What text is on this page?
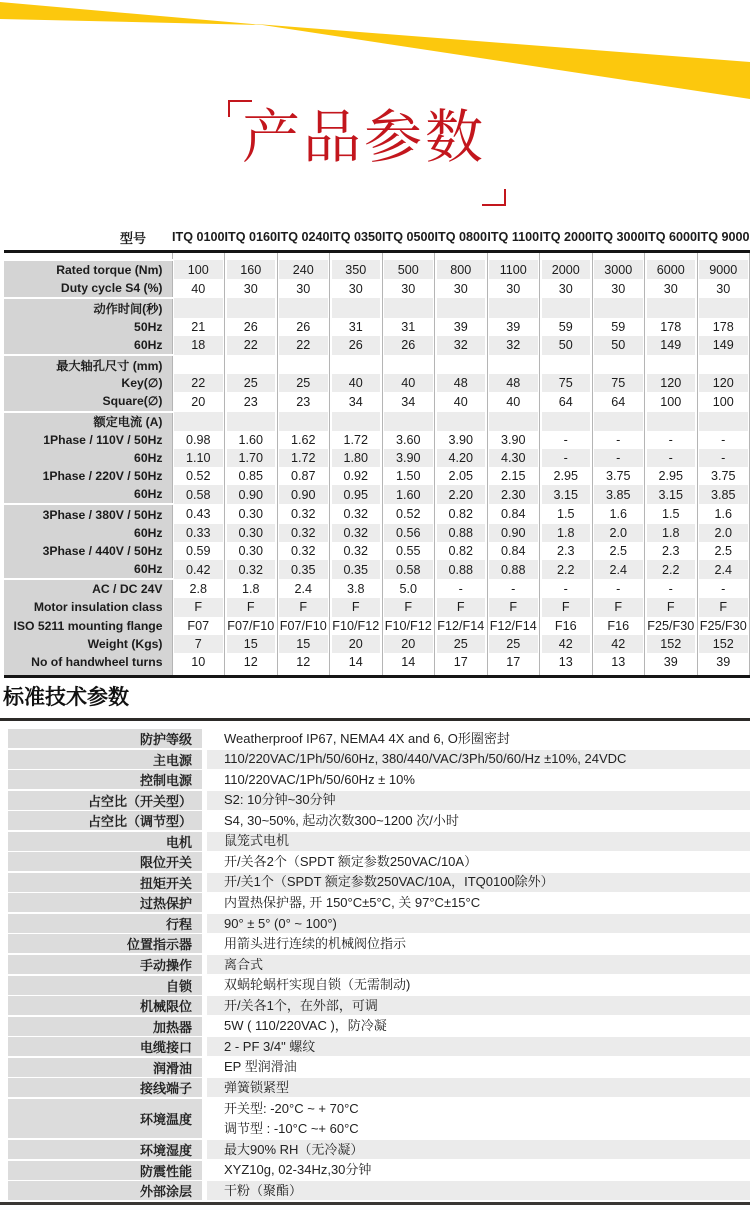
产品参数
型号	ITQ 0100	ITQ 0160	ITQ 0240	ITQ 0350	ITQ 0500	ITQ 0800	ITQ 1100	ITQ 2000	ITQ 3000	ITQ 6000	ITQ 9000

Rated torque (Nm)	100	160	240	350	500	800	1100	2000	3000	6000	9000
Duty cycle S4 (%)	40	30	30	30	30	30	30	30	30	30	30
动作时间(秒)											
50Hz	21	26	26	31	31	39	39	59	59	178	178
60Hz	18	22	22	26	26	32	32	50	50	149	149
最大轴孔尺寸 (mm)											
Key(∅)	22	25	25	40	40	48	48	75	75	120	120
Square(∅)	20	23	23	34	34	40	40	64	64	100	100
额定电流 (A)											
1Phase / 110V / 50Hz	0.98	1.60	1.62	1.72	3.60	3.90	3.90	-	-	-	-
60Hz	1.10	1.70	1.72	1.80	3.90	4.20	4.30	-	-	-	-
1Phase / 220V / 50Hz	0.52	0.85	0.87	0.92	1.50	2.05	2.15	2.95	3.75	2.95	3.75
60Hz	0.58	0.90	0.90	0.95	1.60	2.20	2.30	3.15	3.85	3.15	3.85
3Phase / 380V / 50Hz	0.43	0.30	0.32	0.32	0.52	0.82	0.84	1.5	1.6	1.5	1.6
60Hz	0.33	0.30	0.32	0.32	0.56	0.88	0.90	1.8	2.0	1.8	2.0
3Phase / 440V / 50Hz	0.59	0.30	0.32	0.32	0.55	0.82	0.84	2.3	2.5	2.3	2.5
60Hz	0.42	0.32	0.35	0.35	0.58	0.88	0.88	2.2	2.4	2.2	2.4
AC / DC 24V	2.8	1.8	2.4	3.8	5.0	-	-	-	-	-	-
Motor insulation class	F	F	F	F	F	F	F	F	F	F	F
ISO 5211 mounting flange	F07	F07/F10	F07/F10	F10/F12	F10/F12	F12/F14	F12/F14	F16	F16	F25/F30	F25/F30
Weight (Kgs)	7	15	15	20	20	25	25	42	42	152	152
No of handwheel turns	10	12	12	14	14	17	17	13	13	39	39

标准技术参数
防护等级	Weatherproof IP67, NEMA4 4X and 6, O形圈密封
主电源	110/220VAC/1Ph/50/60Hz, 380/440/VAC/3Ph/50/60/Hz ±10%, 24VDC
控制电源	110/220VAC/1Ph/50/60Hz ± 10%
占空比（开关型）	S2: 10分钟~30分钟
占空比（调节型）	S4, 30~50%, 起动次数300~1200 次/小时
电机	鼠笼式电机
限位开关	开/关各2个（SPDT 额定参数250VAC/10A）
扭矩开关	开/关1个（SPDT 额定参数250VAC/10A，ITQ0100除外）
过热保护	内置热保护器, 开 150°C±5°C, 关 97°C±15°C
行程	90° ± 5° (0° ~ 100°)
位置指示器	用箭头进行连续的机械阀位指示
手动操作	离合式
自锁	双蜗轮蜗杆实现自锁（无需制动)
机械限位	开/关各1个，在外部，可调
加热器	5W ( 110/220VAC )，防冷凝
电缆接口	2 - PF 3/4" 螺纹
润滑油	EP 型润滑油
接线端子	弹簧锁紧型
环境温度
开关型: -20°C ~ + 70°C
调节型 : -10°C ~+ 60°C
环境湿度	最大90% RH（无冷凝）
防震性能	XYZ10g, 02-34Hz,30分钟
外部涂层	干粉（聚酯）
